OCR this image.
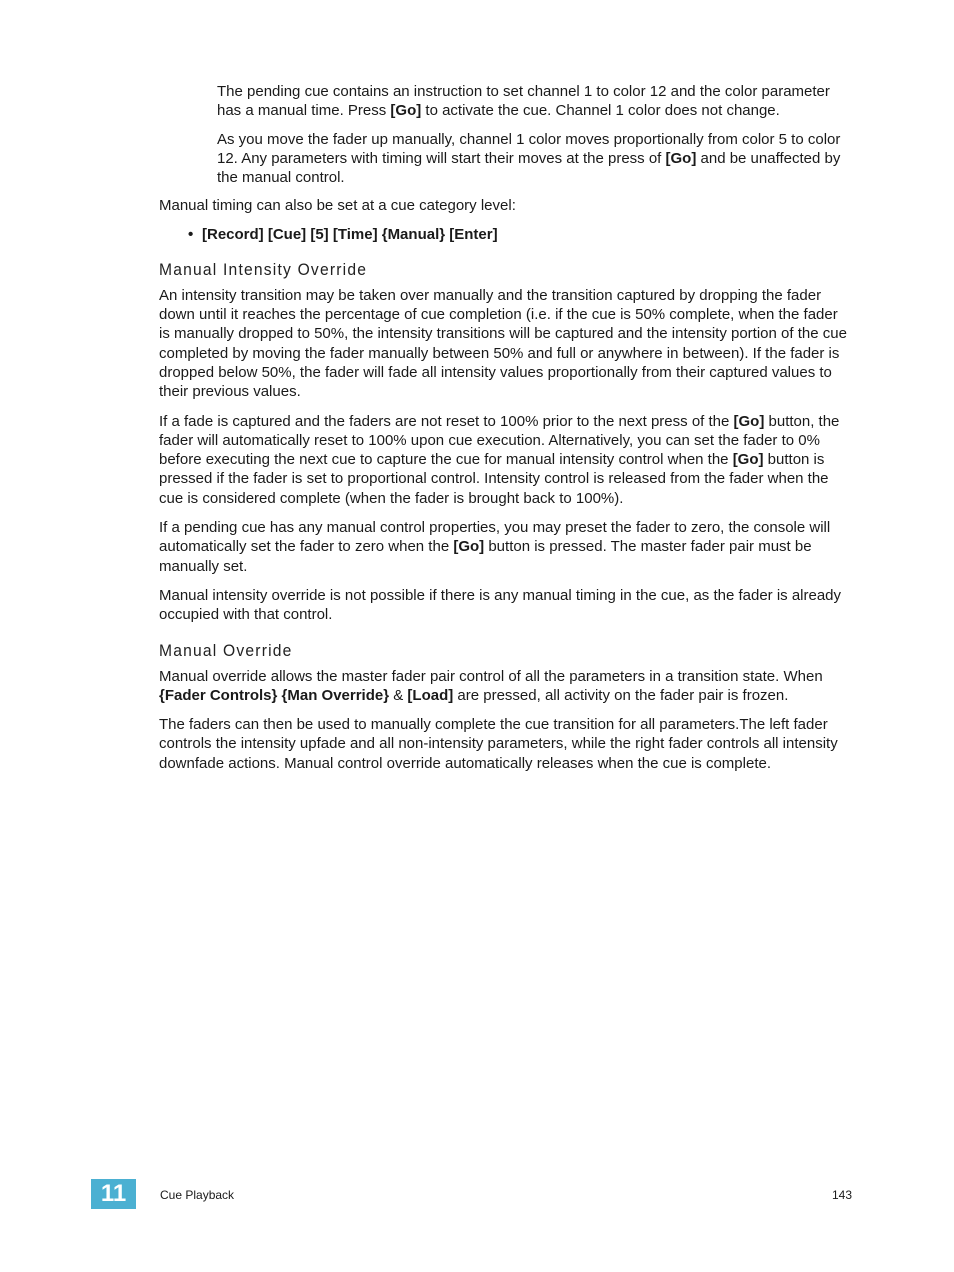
The pending cue contains an instruction to set channel 1 to color 12 and the color parameter has a manual time. Press [Go] to activate the cue. Channel 1 color does not change.

As you move the fader up manually, channel 1 color moves proportionally from color 5 to color 12. Any parameters with timing will start their moves at the press of [Go] and be unaffected by the manual control.

Manual timing can also be set at a cue category level:

• [Record] [Cue] [5] [Time] {Manual} [Enter]
Manual Intensity Override

An intensity transition may be taken over manually and the transition captured by dropping the fader down until it reaches the percentage of cue completion (i.e. if the cue is 50% complete, when the fader is manually dropped to 50%, the intensity transitions will be captured and the intensity portion of the cue completed by moving the fader manually between 50% and full or anywhere in between). If the fader is dropped below 50%, the fader will fade all intensity values proportionally from their captured values to their previous values.

If a fade is captured and the faders are not reset to 100% prior to the next press of the [Go] button, the fader will automatically reset to 100% upon cue execution. Alternatively, you can set the fader to 0% before executing the next cue to capture the cue for manual intensity control when the [Go] button is pressed if the fader is set to proportional control. Intensity control is released from the fader when the cue is considered complete (when the fader is brought back to 100%).

If a pending cue has any manual control properties, you may preset the fader to zero, the console will automatically set the fader to zero when the [Go] button is pressed. The master fader pair must be manually set.

Manual intensity override is not possible if there is any manual timing in the cue, as the fader is already occupied with that control.

Manual Override

Manual override allows the master fader pair control of all the parameters in a transition state. When {Fader Controls} {Man Override} & [Load] are pressed, all activity on the fader pair is frozen.

The faders can then be used to manually complete the cue transition for all parameters.The left fader controls the intensity upfade and all non-intensity parameters, while the right fader controls all intensity downfade actions. Manual control override automatically releases when the cue is complete.

11	Cue Playback	143
